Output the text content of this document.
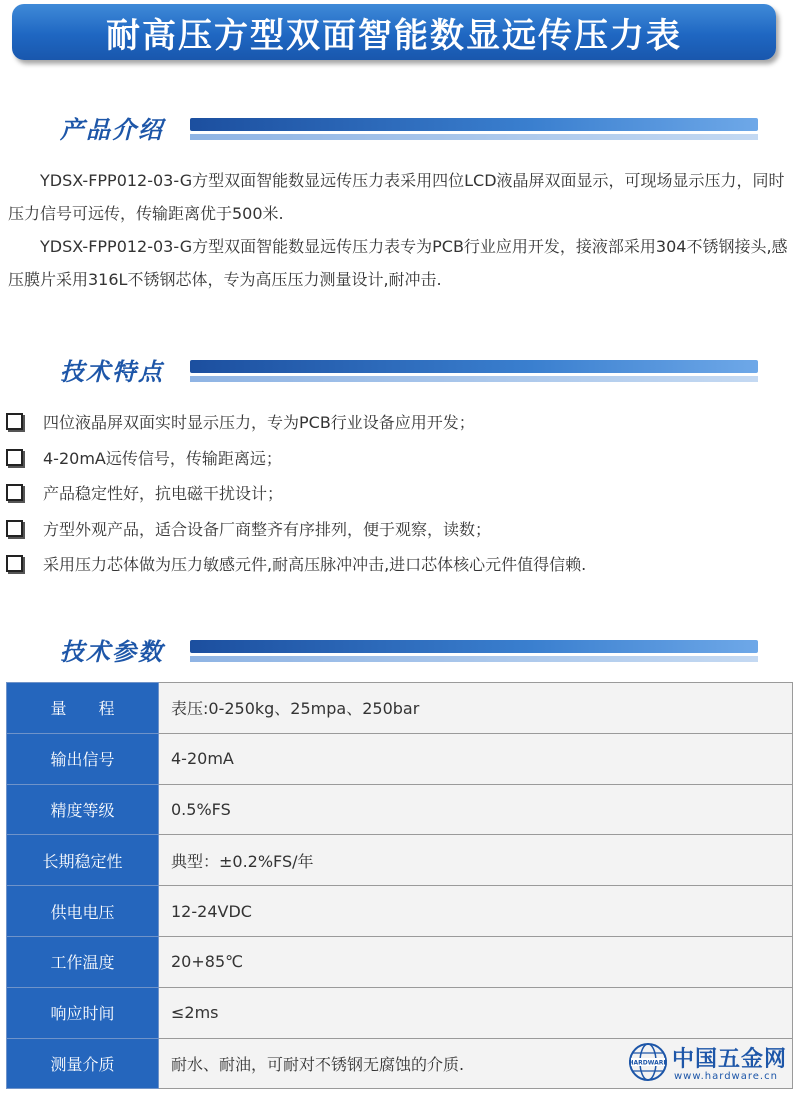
耐高压方型双面智能数显远传压力表
产品介绍

YDSX-FPP012-03-G方型双面智能数显远传压力表采用四位LCD液晶屏双面显示，可现场显示压力，同时压力信号可远传，传输距离优于500米.

YDSX-FPP012-03-G方型双面智能数显远传压力表专为PCB行业应用开发，接液部采用304不锈钢接头,感压膜片采用316L不锈钢芯体，专为高压压力测量设计,耐冲击.

技术特点
四位液晶屏双面实时显示压力，专为PCB行业设备应用开发；
4-20mA远传信号，传输距离远；
产品稳定性好，抗电磁干扰设计；
方型外观产品，适合设备厂商整齐有序排列，便于观察，读数；
采用压力芯体做为压力敏感元件,耐高压脉冲冲击,进口芯体核心元件值得信赖.
技术参数
量　　程	表压:0-250kg、25mpa、250bar
输出信号	4-20mA
精度等级	0.5%FS
长期稳定性	典型：±0.2%FS/年
供电电压	12-24VDC
工作温度	20+85℃
响应时间	≤2ms
测量介质	耐水、耐油，可耐对不锈钢无腐蚀的介质.	HARDWARE 中国五金网
www.hardware.cn
